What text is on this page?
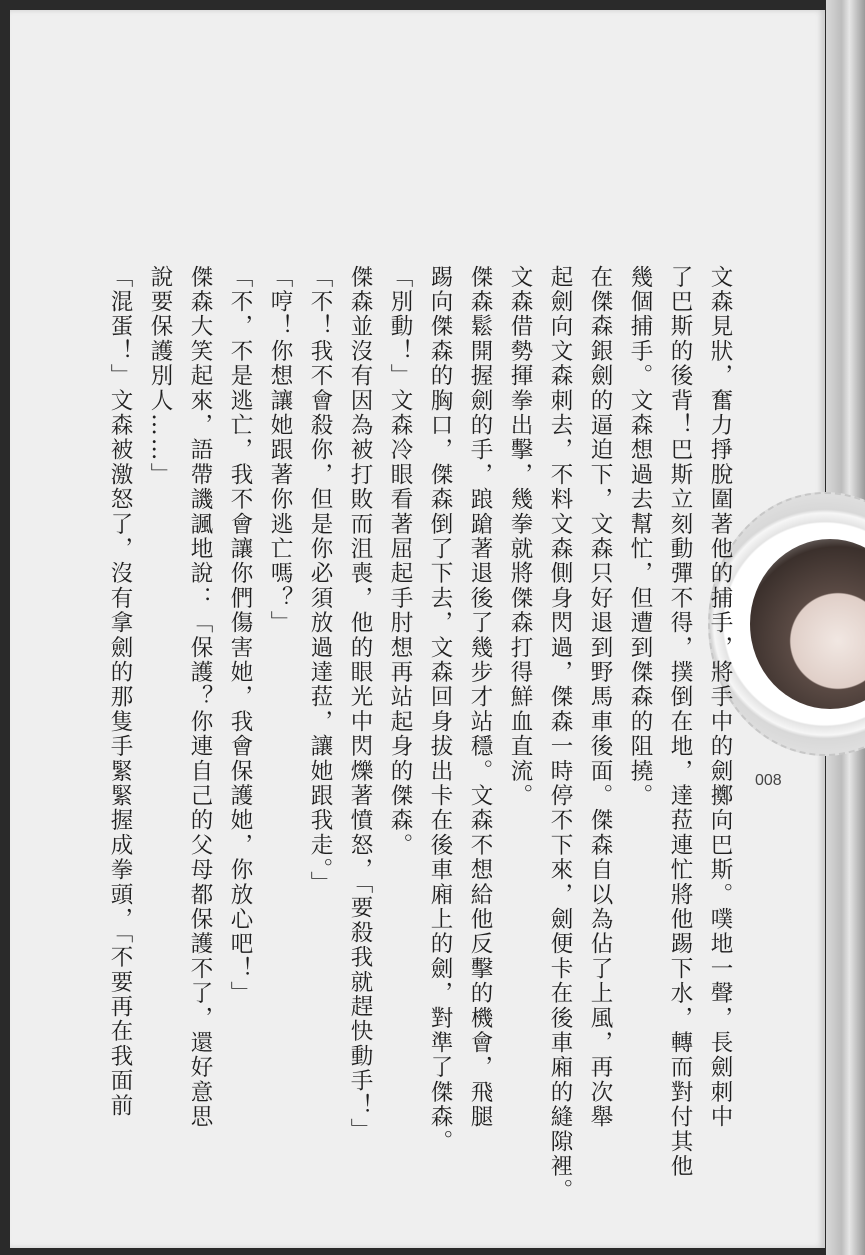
文森見狀，奮力掙脫圍著他的捕手，將手中的劍擲向巴斯。噗地一聲，長劍刺中
了巴斯的後背！巴斯立刻動彈不得，撲倒在地，達菈連忙將他踢下水，轉而對付其他
幾個捕手。文森想過去幫忙，但遭到傑森的阻撓。
在傑森銀劍的逼迫下，文森只好退到野馬車後面。傑森自以為佔了上風，再次舉
起劍向文森刺去，不料文森側身閃過，傑森一時停不下來，劍便卡在後車廂的縫隙裡。
文森借勢揮拳出擊，幾拳就將傑森打得鮮血直流。
傑森鬆開握劍的手，踉蹌著退後了幾步才站穩。文森不想給他反擊的機會，飛腿
踢向傑森的胸口，傑森倒了下去，文森回身拔出卡在後車廂上的劍，對準了傑森。
「別動！」文森冷眼看著屈起手肘想再站起身的傑森。
傑森並沒有因為被打敗而沮喪，他的眼光中閃爍著憤怒，「要殺我就趕快動手！」
「不！我不會殺你，但是你必須放過達菈，讓她跟我走。」
「哼！你想讓她跟著你逃亡嗎？」
「不，不是逃亡，我不會讓你們傷害她，我會保護她，你放心吧！」
傑森大笑起來，語帶譏諷地說：「保護？你連自己的父母都保護不了，還好意思
說要保護別人……」
「混蛋！」文森被激怒了，沒有拿劍的那隻手緊緊握成拳頭，「不要再在我面前	008
